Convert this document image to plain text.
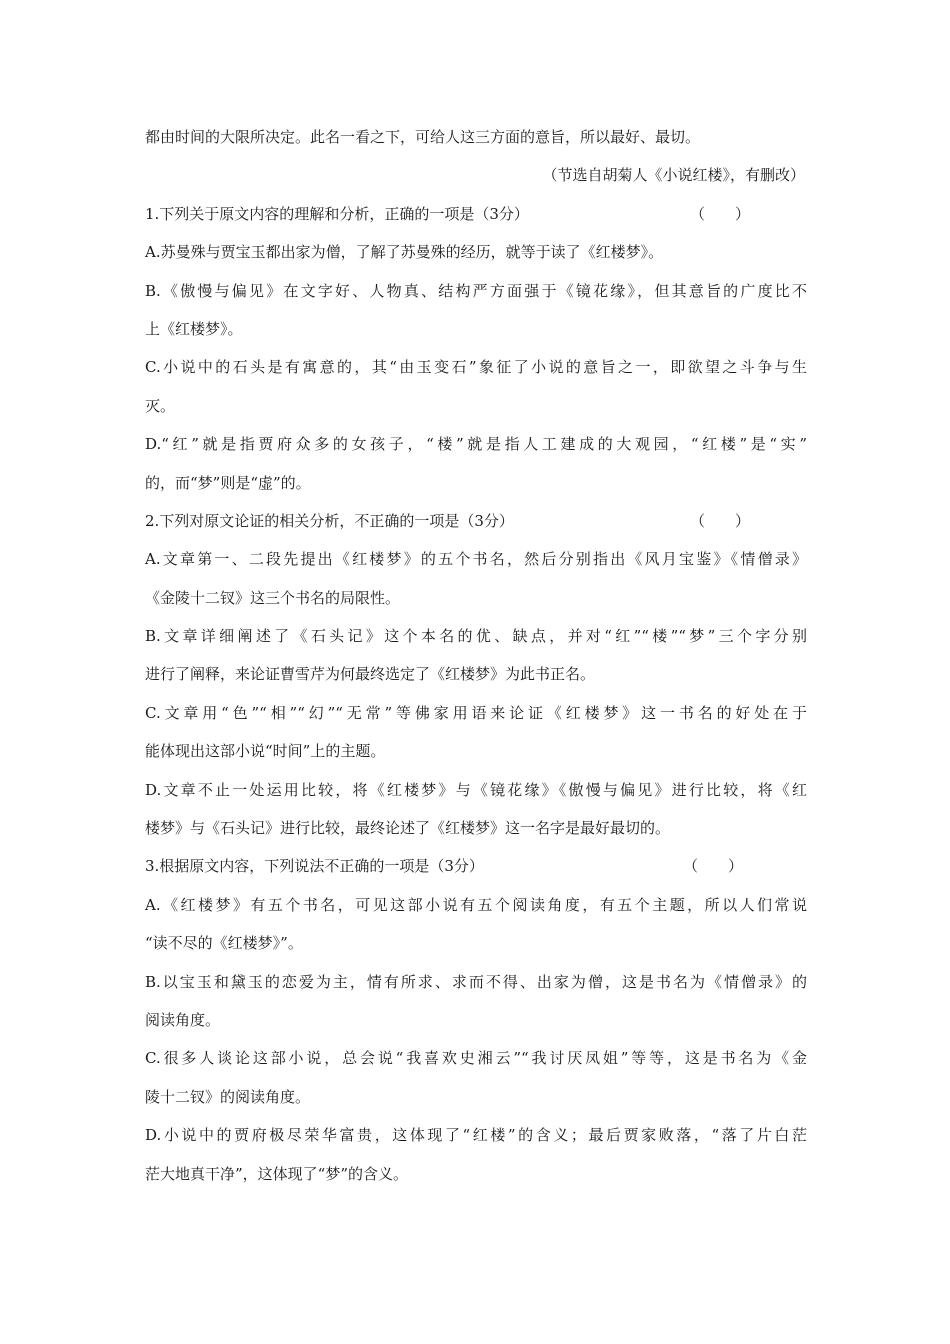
都由时间的大限所决定。此名一看之下，可给人这三方面的意旨，所以最好、最切。
（节选自胡菊人《小说红楼》，有删改）
1.下列关于原文内容的理解和分析，正确的一项是（3分）	（　　）
A.苏曼殊与贾宝玉都出家为僧，了解了苏曼殊的经历，就等于读了《红楼梦》。
B.《傲慢与偏见》在文字好、人物真、结构严方面强于《镜花缘》，但其意旨的广度比不
上《红楼梦》。
C.小说中的石头是有寓意的，其“由玉变石”象征了小说的意旨之一，即欲望之斗争与生
灭。
D.“红”就是指贾府众多的女孩子，“楼”就是指人工建成的大观园，“红楼”是“实”
的，而“梦”则是“虚”的。
2.下列对原文论证的相关分析，不正确的一项是（3分）	（　　）
A.文章第一、二段先提出《红楼梦》的五个书名，然后分别指出《风月宝鉴》《情僧录》
《金陵十二钗》这三个书名的局限性。
B.文章详细阐述了《石头记》这个本名的优、缺点，并对“红”“楼”“梦”三个字分别
进行了阐释，来论证曹雪芹为何最终选定了《红楼梦》为此书正名。
C.文章用“色”“相”“幻”“无常”等佛家用语来论证《红楼梦》这一书名的好处在于
能体现出这部小说“时间”上的主题。
D.文章不止一处运用比较，将《红楼梦》与《镜花缘》《傲慢与偏见》进行比较，将《红
楼梦》与《石头记》进行比较，最终论述了《红楼梦》这一名字是最好最切的。
3.根据原文内容，下列说法不正确的一项是（3分）	（　　）
A.《红楼梦》有五个书名，可见这部小说有五个阅读角度，有五个主题，所以人们常说
“读不尽的《红楼梦》”。
B.以宝玉和黛玉的恋爱为主，情有所求、求而不得、出家为僧，这是书名为《情僧录》的
阅读角度。
C.很多人谈论这部小说，总会说“我喜欢史湘云”“我讨厌凤姐”等等，这是书名为《金
陵十二钗》的阅读角度。
D.小说中的贾府极尽荣华富贵，这体现了“红楼”的含义；最后贾家败落，“落了片白茫
茫大地真干净”，这体现了“梦”的含义。
